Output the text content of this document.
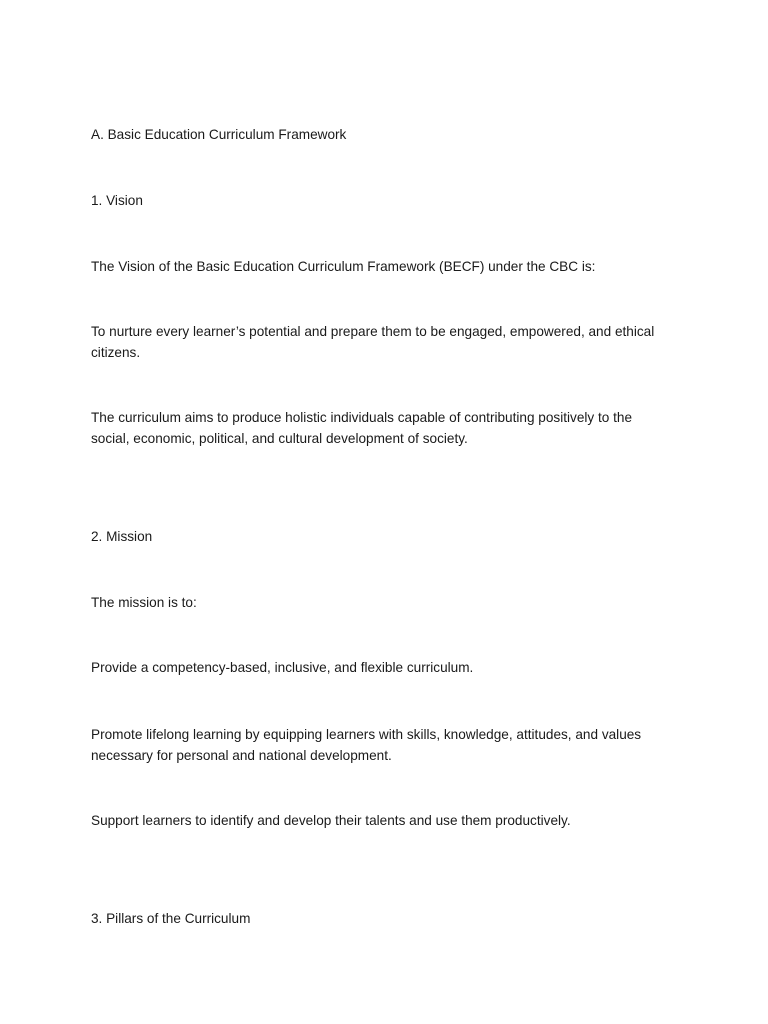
A. Basic Education Curriculum Framework

1. Vision

The Vision of the Basic Education Curriculum Framework (BECF) under the CBC is:

To nurture every learner’s potential and prepare them to be engaged, empowered, and ethical citizens.

The curriculum aims to produce holistic individuals capable of contributing positively to the social, economic, political, and cultural development of society.

2. Mission

The mission is to:

Provide a competency-based, inclusive, and flexible curriculum.

Promote lifelong learning by equipping learners with skills, knowledge, attitudes, and values necessary for personal and national development.

Support learners to identify and develop their talents and use them productively.

3. Pillars of the Curriculum
